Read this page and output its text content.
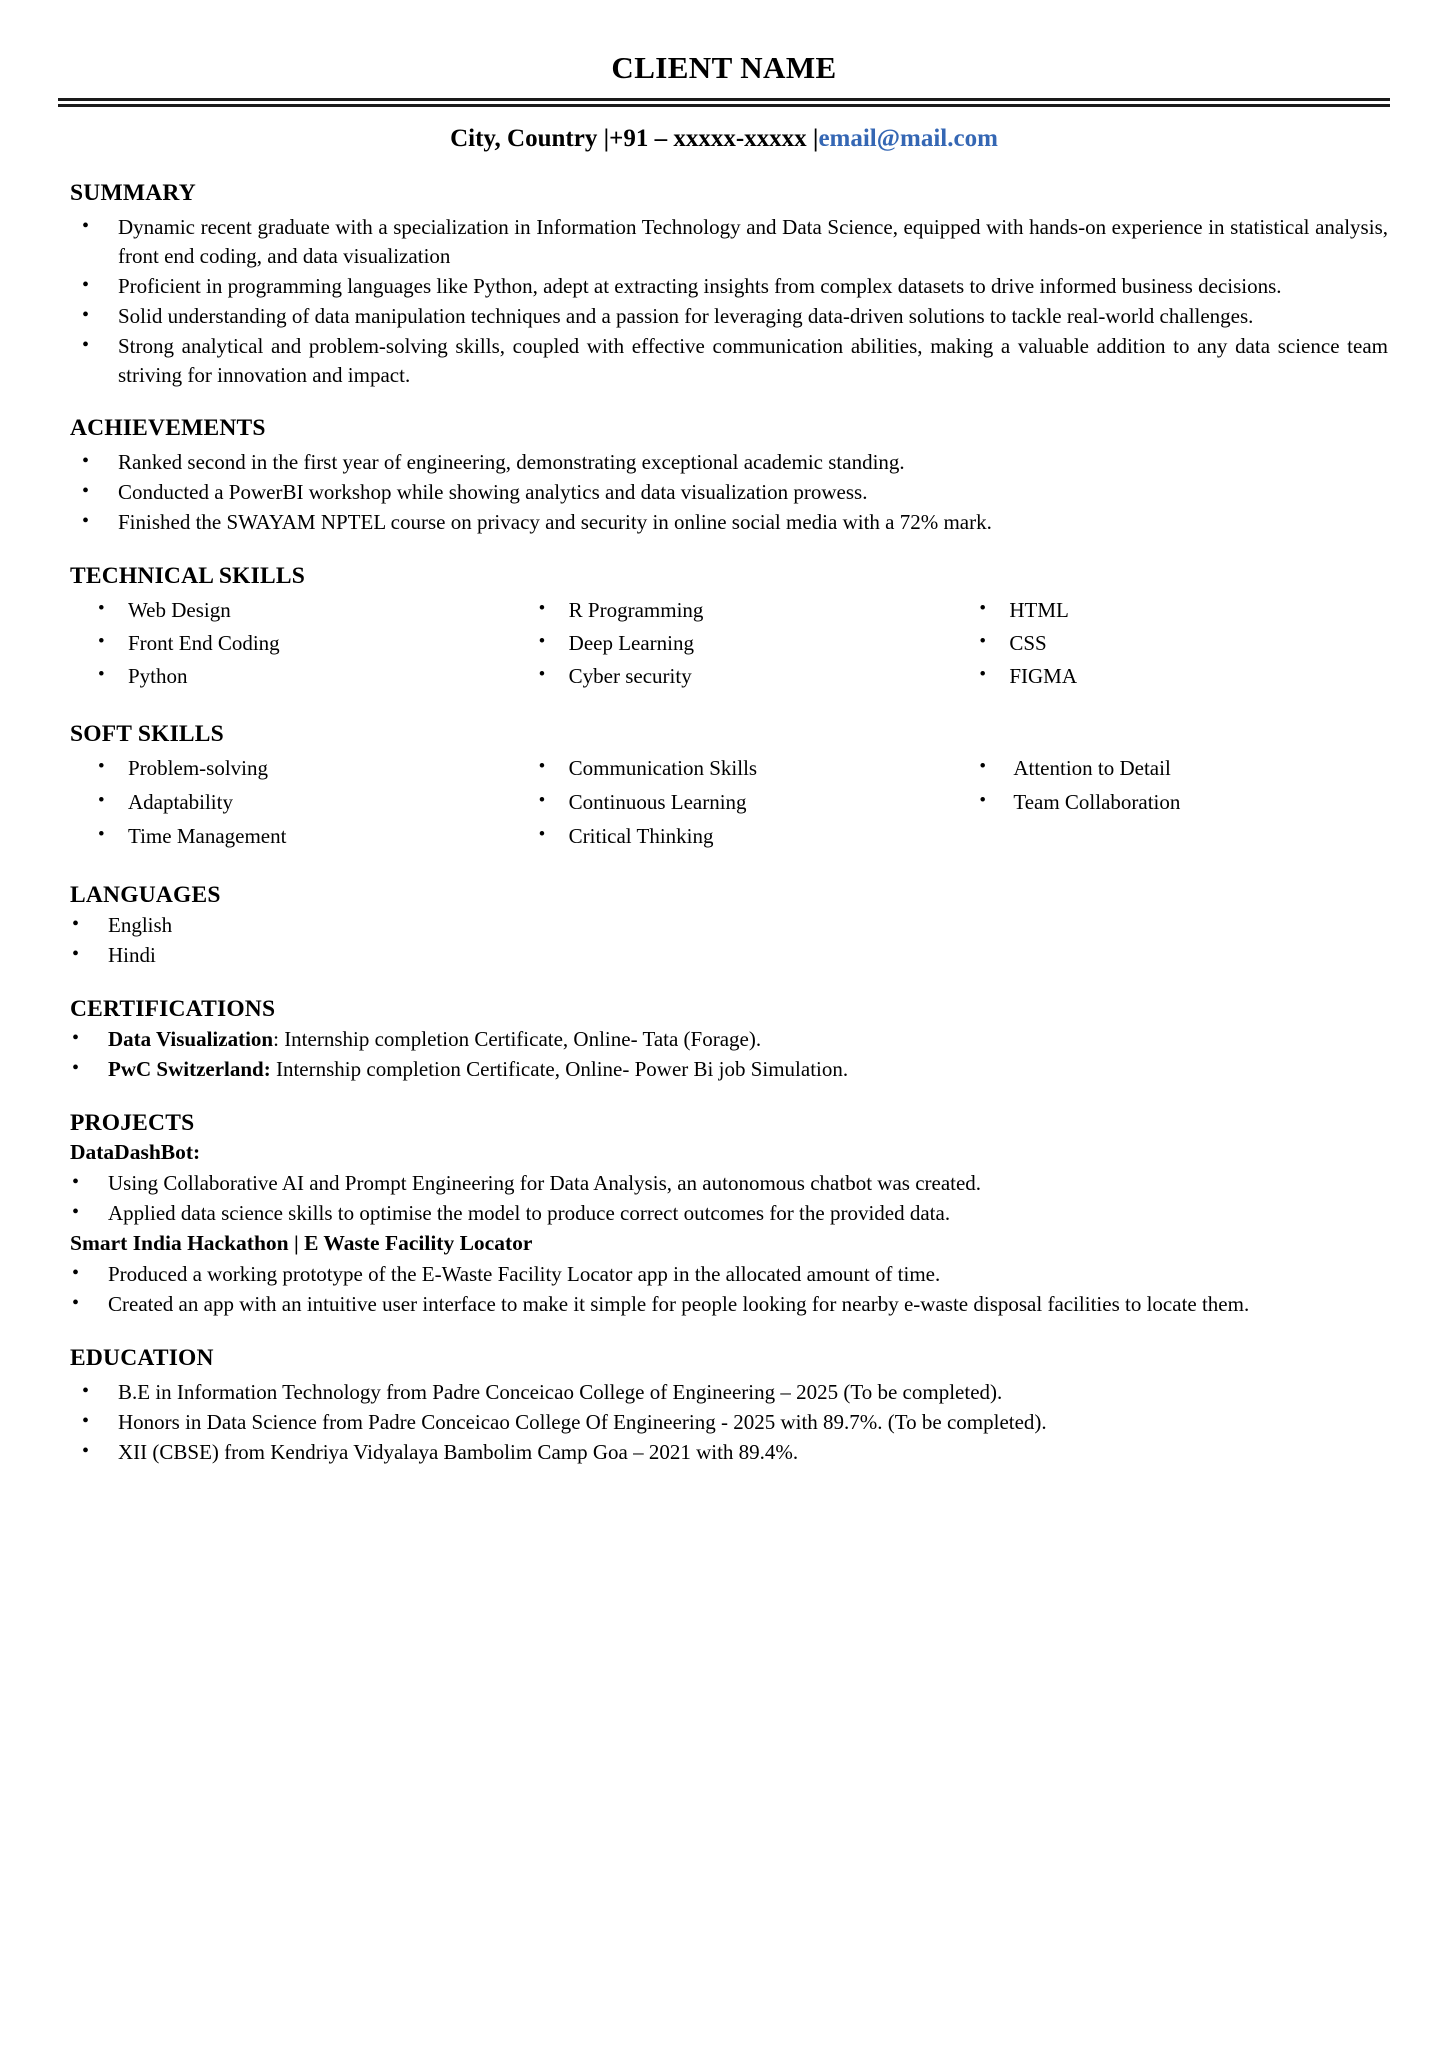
CLIENT NAME
City, Country |+91 – xxxxx-xxxxx |email@mail.com
SUMMARY
• Dynamic recent graduate with a specialization in Information Technology and Data Science, equipped with hands-on experience in statistical analysis, front end coding, and data visualization
• Proficient in programming languages like Python, adept at extracting insights from complex datasets to drive informed business decisions.
• Solid understanding of data manipulation techniques and a passion for leveraging data-driven solutions to tackle real-world challenges.
• Strong analytical and problem-solving skills, coupled with effective communication abilities, making a valuable addition to any data science team striving for innovation and impact.
ACHIEVEMENTS
• Ranked second in the first year of engineering, demonstrating exceptional academic standing.
• Conducted a PowerBI workshop while showing analytics and data visualization prowess.
• Finished the SWAYAM NPTEL course on privacy and security in online social media with a 72% mark.
TECHNICAL SKILLS
• Web Design
• Front End Coding
• Python
• R Programming
• Deep Learning
• Cyber security
• HTML
• CSS
• FIGMA
SOFT SKILLS
• Problem-solving
• Adaptability
• Time Management
• Communication Skills
• Continuous Learning
• Critical Thinking
• Attention to Detail
• Team Collaboration
LANGUAGES
• English
• Hindi
CERTIFICATIONS
• Data Visualization: Internship completion Certificate, Online- Tata (Forage).
• PwC Switzerland: Internship completion Certificate, Online- Power Bi job Simulation.
PROJECTS
DataDashBot:
• Using Collaborative AI and Prompt Engineering for Data Analysis, an autonomous chatbot was created.
• Applied data science skills to optimise the model to produce correct outcomes for the provided data.
Smart India Hackathon | E Waste Facility Locator
• Produced a working prototype of the E-Waste Facility Locator app in the allocated amount of time.
• Created an app with an intuitive user interface to make it simple for people looking for nearby e-waste disposal facilities to locate them.
EDUCATION
• B.E in Information Technology from Padre Conceicao College of Engineering – 2025 (To be completed).
• Honors in Data Science from Padre Conceicao College Of Engineering - 2025 with 89.7%. (To be completed).
• XII (CBSE) from Kendriya Vidyalaya Bambolim Camp Goa – 2021 with 89.4%.
